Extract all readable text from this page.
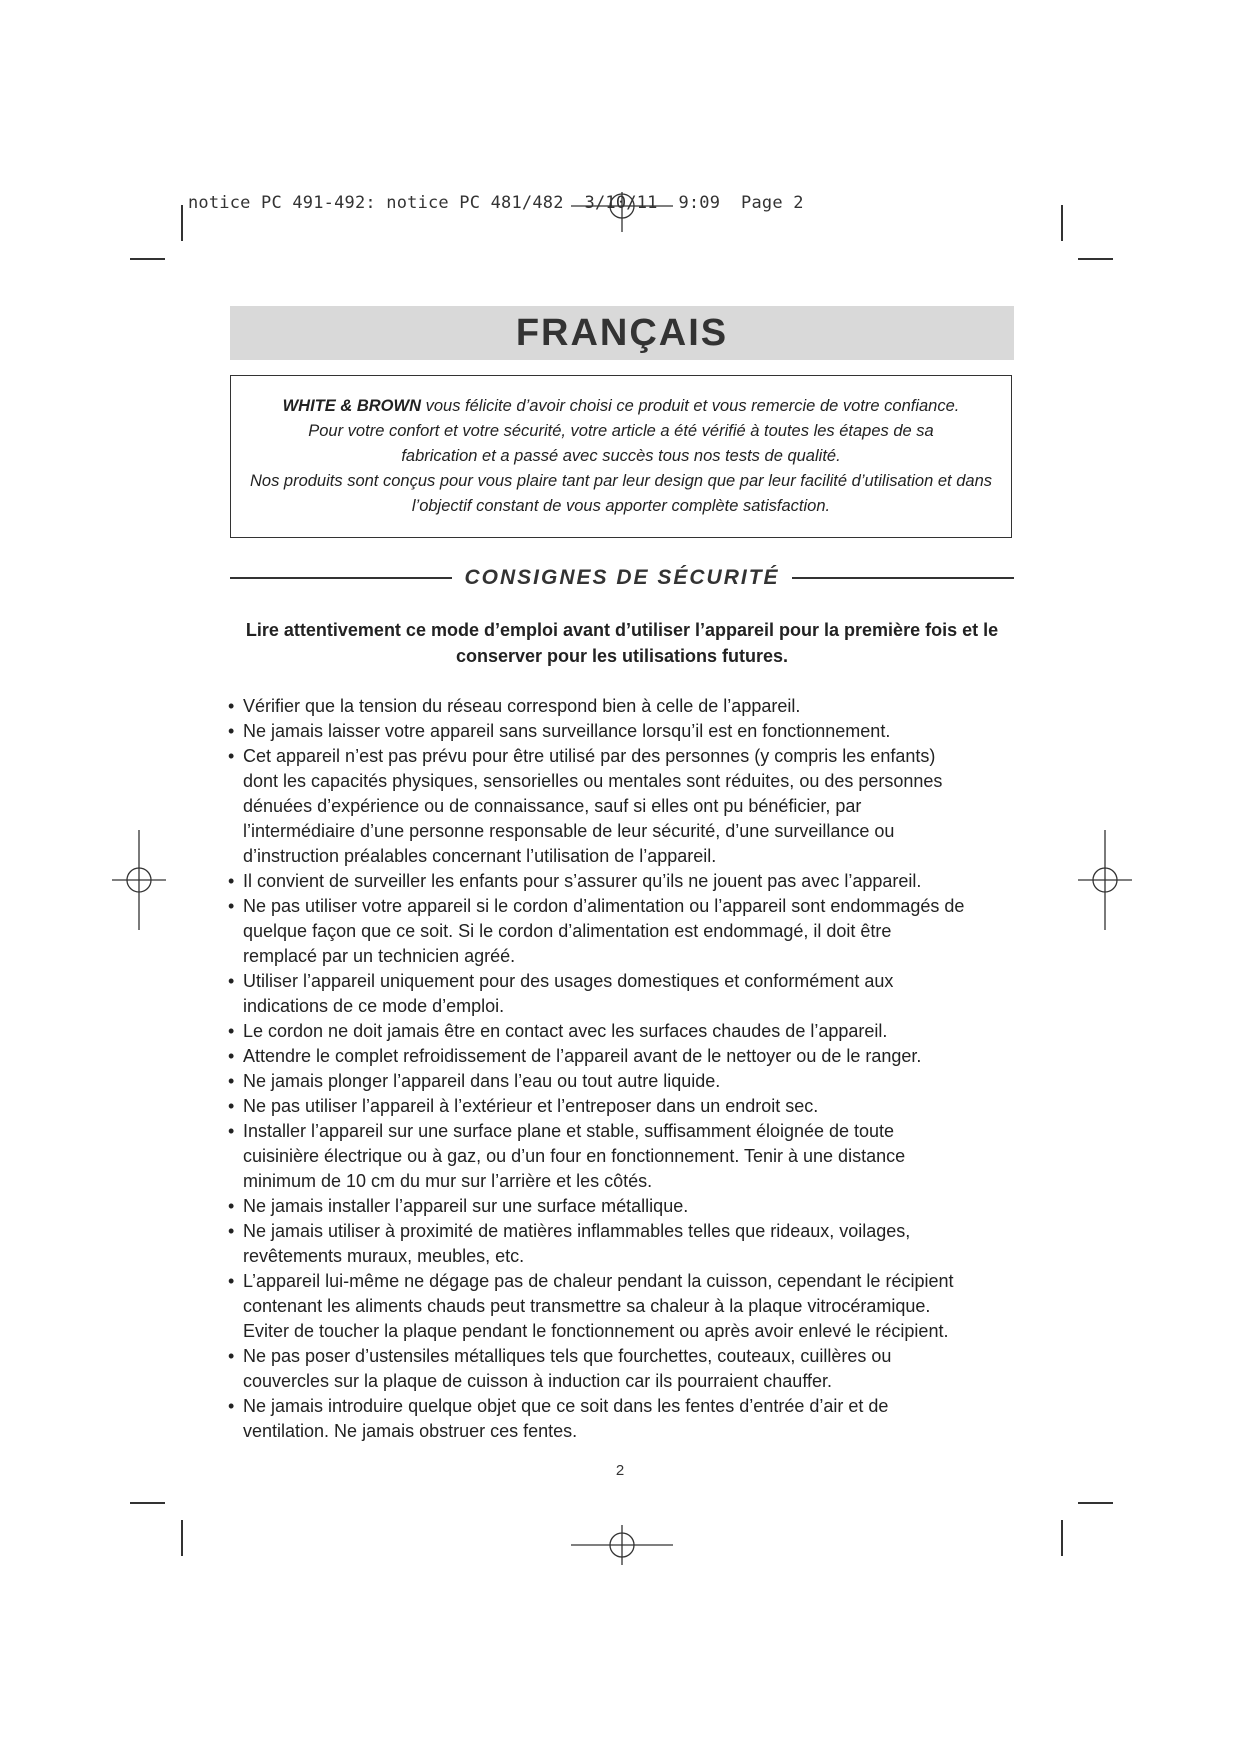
notice PC 491-492: notice PC 481/482  3/10/11  9:09  Page 2
FRANÇAIS
WHITE & BROWN vous félicite d’avoir choisi ce produit et vous remercie de votre confiance.
Pour votre confort et votre sécurité, votre article a été vérifié à toutes les étapes de sa
fabrication et a passé avec succès tous nos tests de qualité.
Nos produits sont conçus pour vous plaire tant par leur design que par leur facilité d’utilisation et dans
l’objectif constant de vous apporter complète satisfaction.
CONSIGNES DE SÉCURITÉ
Lire attentivement ce mode d’emploi avant d’utiliser l’appareil pour la première fois et le
conserver pour les utilisations futures.
• Vérifier que la tension du réseau correspond bien à celle de l’appareil.
• Ne jamais laisser votre appareil sans surveillance lorsqu’il est en fonctionnement.
• Cet appareil n’est pas prévu pour être utilisé par des personnes (y compris les enfants)
dont les capacités physiques, sensorielles ou mentales sont réduites, ou des personnes
dénuées d’expérience ou de connaissance, sauf si elles ont pu bénéficier, par
l’intermédiaire d’une personne responsable de leur sécurité, d’une surveillance ou
d’instruction préalables concernant l’utilisation de l’appareil.
• Il convient de surveiller les enfants pour s’assurer qu’ils ne jouent pas avec l’appareil.
• Ne pas utiliser votre appareil si le cordon d’alimentation ou l’appareil sont endommagés de
quelque façon que ce soit. Si le cordon d’alimentation est endommagé, il doit être
remplacé par un technicien agréé.
• Utiliser l’appareil uniquement pour des usages domestiques et conformément aux
indications de ce mode d’emploi.
• Le cordon ne doit jamais être en contact avec les surfaces chaudes de l’appareil.
• Attendre le complet refroidissement de l’appareil avant de le nettoyer ou de le ranger.
• Ne jamais plonger l’appareil dans l’eau ou tout autre liquide.
• Ne pas utiliser l’appareil à l’extérieur et l’entreposer dans un endroit sec.
• Installer l’appareil sur une surface plane et stable, suffisamment éloignée de toute
cuisinière électrique ou à gaz, ou d’un four en fonctionnement. Tenir à une distance
minimum de 10 cm du mur sur l’arrière et les côtés.
• Ne jamais installer l’appareil sur une surface métallique.
• Ne jamais utiliser à proximité de matières inflammables telles que rideaux, voilages,
revêtements muraux, meubles, etc.
• L’appareil lui-même ne dégage pas de chaleur pendant la cuisson, cependant le récipient
contenant les aliments chauds peut transmettre sa chaleur à la plaque vitrocéramique.
Eviter de toucher la plaque pendant le fonctionnement ou après avoir enlevé le récipient.
• Ne pas poser d’ustensiles métalliques tels que fourchettes, couteaux, cuillères ou
couvercles sur la plaque de cuisson à induction car ils pourraient chauffer.
• Ne jamais introduire quelque objet que ce soit dans les fentes d’entrée d’air et de
ventilation. Ne jamais obstruer ces fentes.
2
